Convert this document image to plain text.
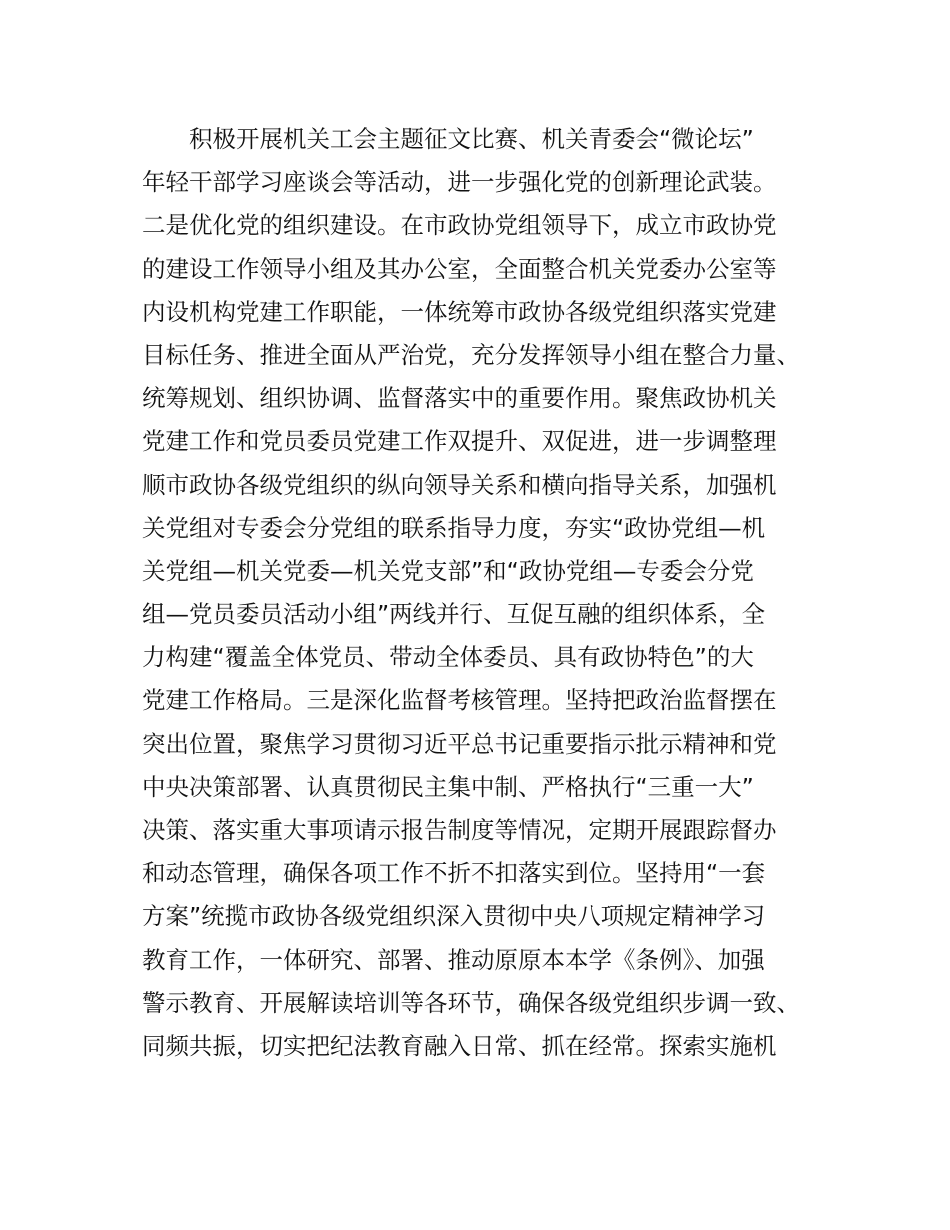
积极开展机关工会主题征文比赛、机关青委会“微论坛”
年轻干部学习座谈会等活动，进一步强化党的创新理论武装。
二是优化党的组织建设。在市政协党组领导下，成立市政协党
的建设工作领导小组及其办公室，全面整合机关党委办公室等
内设机构党建工作职能，一体统筹市政协各级党组织落实党建
目标任务、推进全面从严治党，充分发挥领导小组在整合力量、
统筹规划、组织协调、监督落实中的重要作用。聚焦政协机关
党建工作和党员委员党建工作双提升、双促进，进一步调整理
顺市政协各级党组织的纵向领导关系和横向指导关系，加强机
关党组对专委会分党组的联系指导力度，夯实“政协党组—机
关党组—机关党委—机关党支部”和“政协党组—专委会分党
组—党员委员活动小组”两线并行、互促互融的组织体系，全
力构建“覆盖全体党员、带动全体委员、具有政协特色”的大
党建工作格局。三是深化监督考核管理。坚持把政治监督摆在
突出位置，聚焦学习贯彻习近平总书记重要指示批示精神和党
中央决策部署、认真贯彻民主集中制、严格执行“三重一大”
决策、落实重大事项请示报告制度等情况，定期开展跟踪督办
和动态管理，确保各项工作不折不扣落实到位。坚持用“一套
方案”统揽市政协各级党组织深入贯彻中央八项规定精神学习
教育工作，一体研究、部署、推动原原本本学《条例》、加强
警示教育、开展解读培训等各环节，确保各级党组织步调一致、
同频共振，切实把纪法教育融入日常、抓在经常。探索实施机
